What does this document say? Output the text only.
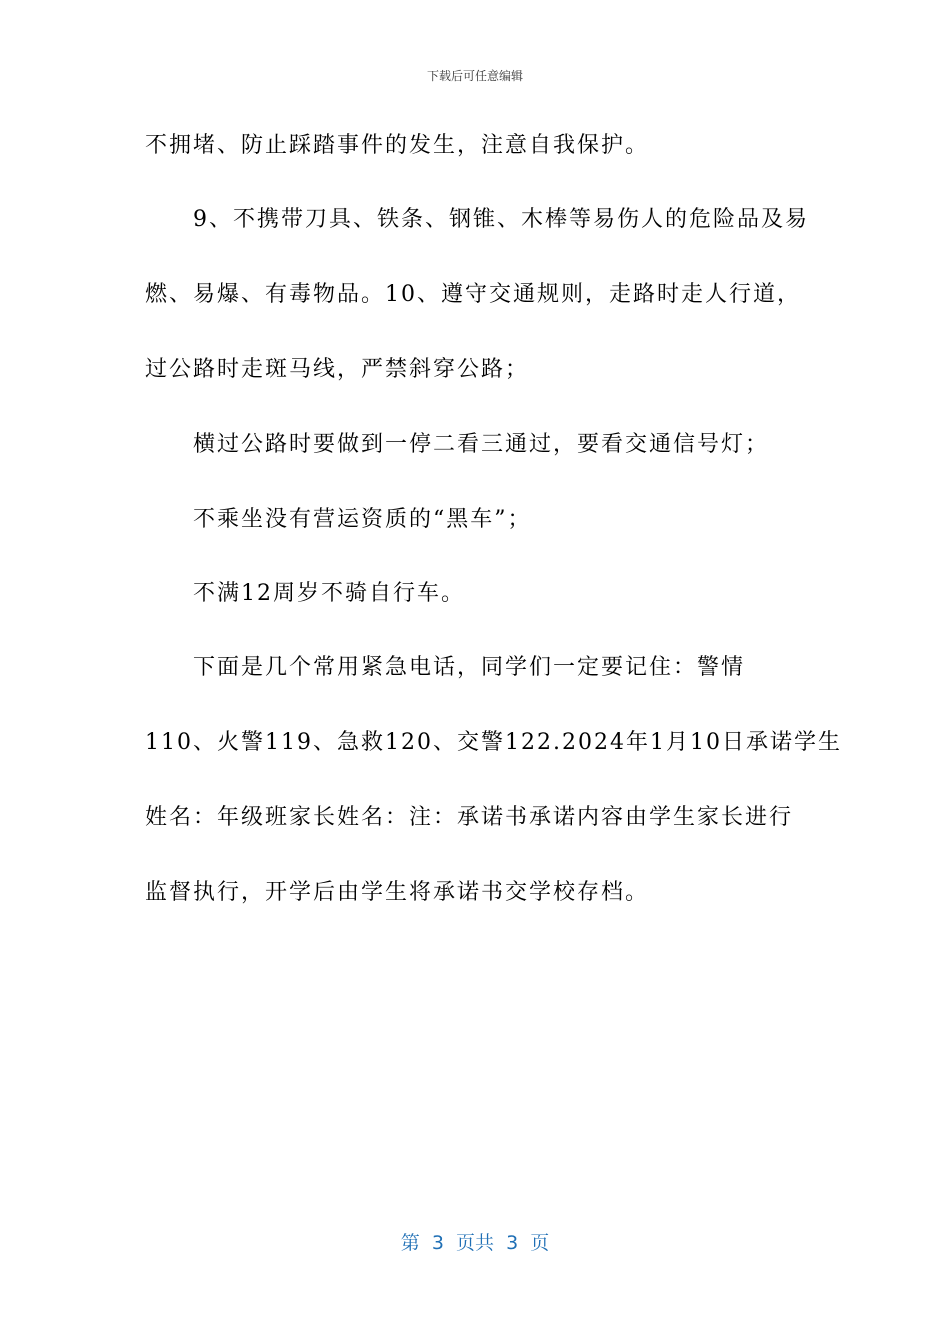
下载后可任意编辑
不拥堵、防止踩踏事件的发生，注意自我保护。
9、不携带刀具、铁条、钢锥、木棒等易伤人的危险品及易
燃、易爆、有毒物品。10、遵守交通规则，走路时走人行道，
过公路时走斑马线，严禁斜穿公路；
横过公路时要做到一停二看三通过，要看交通信号灯；
不乘坐没有营运资质的“黑车”；
不满12周岁不骑自行车。
下面是几个常用紧急电话，同学们一定要记住：警情
110、火警119、急救120、交警122.2024年1月10日承诺学生
姓名：年级班家长姓名：注：承诺书承诺内容由学生家长进行
监督执行，开学后由学生将承诺书交学校存档。
第  3  页共  3  页
